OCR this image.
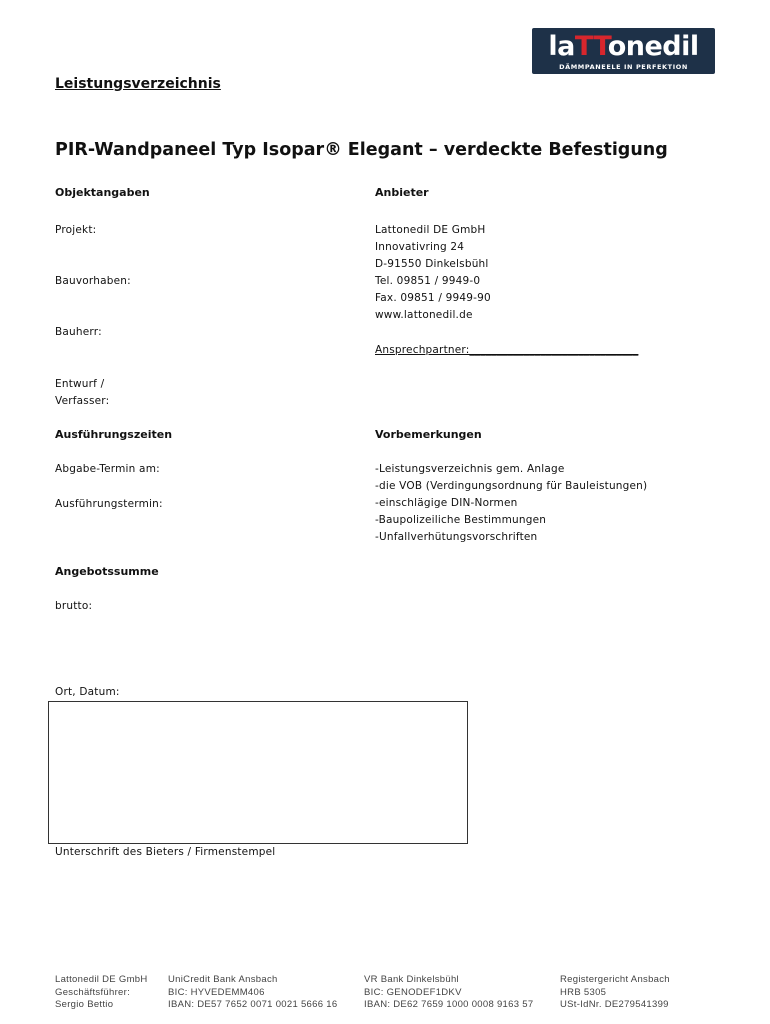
laTTonedil
DÄMMPANEELE IN PERFEKTION
Leistungsverzeichnis
PIR-Wandpaneel Typ Isopar® Elegant – verdeckte Befestigung
Objektangaben
Projekt:
Bauvorhaben:
Bauherr:
Entwurf /
Verfasser:
Anbieter
Lattonedil DE GmbH
Innovativring 24
D-91550 Dinkelsbühl
Tel. 09851 / 9949-0
Fax. 09851 / 9949-90
www.lattonedil.de
Ansprechpartner:_______________________________
Ausführungszeiten
Abgabe-Termin am:
Ausführungstermin:
Vorbemerkungen
-Leistungsverzeichnis gem. Anlage
-die VOB (Verdingungsordnung für Bauleistungen)
-einschlägige DIN-Normen
-Baupolizeiliche Bestimmungen
-Unfallverhütungsvorschriften
Angebotssumme
brutto:
Ort, Datum:
Unterschrift des Bieters / Firmenstempel
Lattonedil DE GmbH
Geschäftsführer:
Sergio Bettio
UniCredit Bank Ansbach
BIC: HYVEDEMM406
IBAN: DE57 7652 0071 0021 5666 16
VR Bank Dinkelsbühl
BIC: GENODEF1DKV
IBAN: DE62 7659 1000 0008 9163 57
Registergericht Ansbach
HRB 5305
USt-IdNr. DE279541399
